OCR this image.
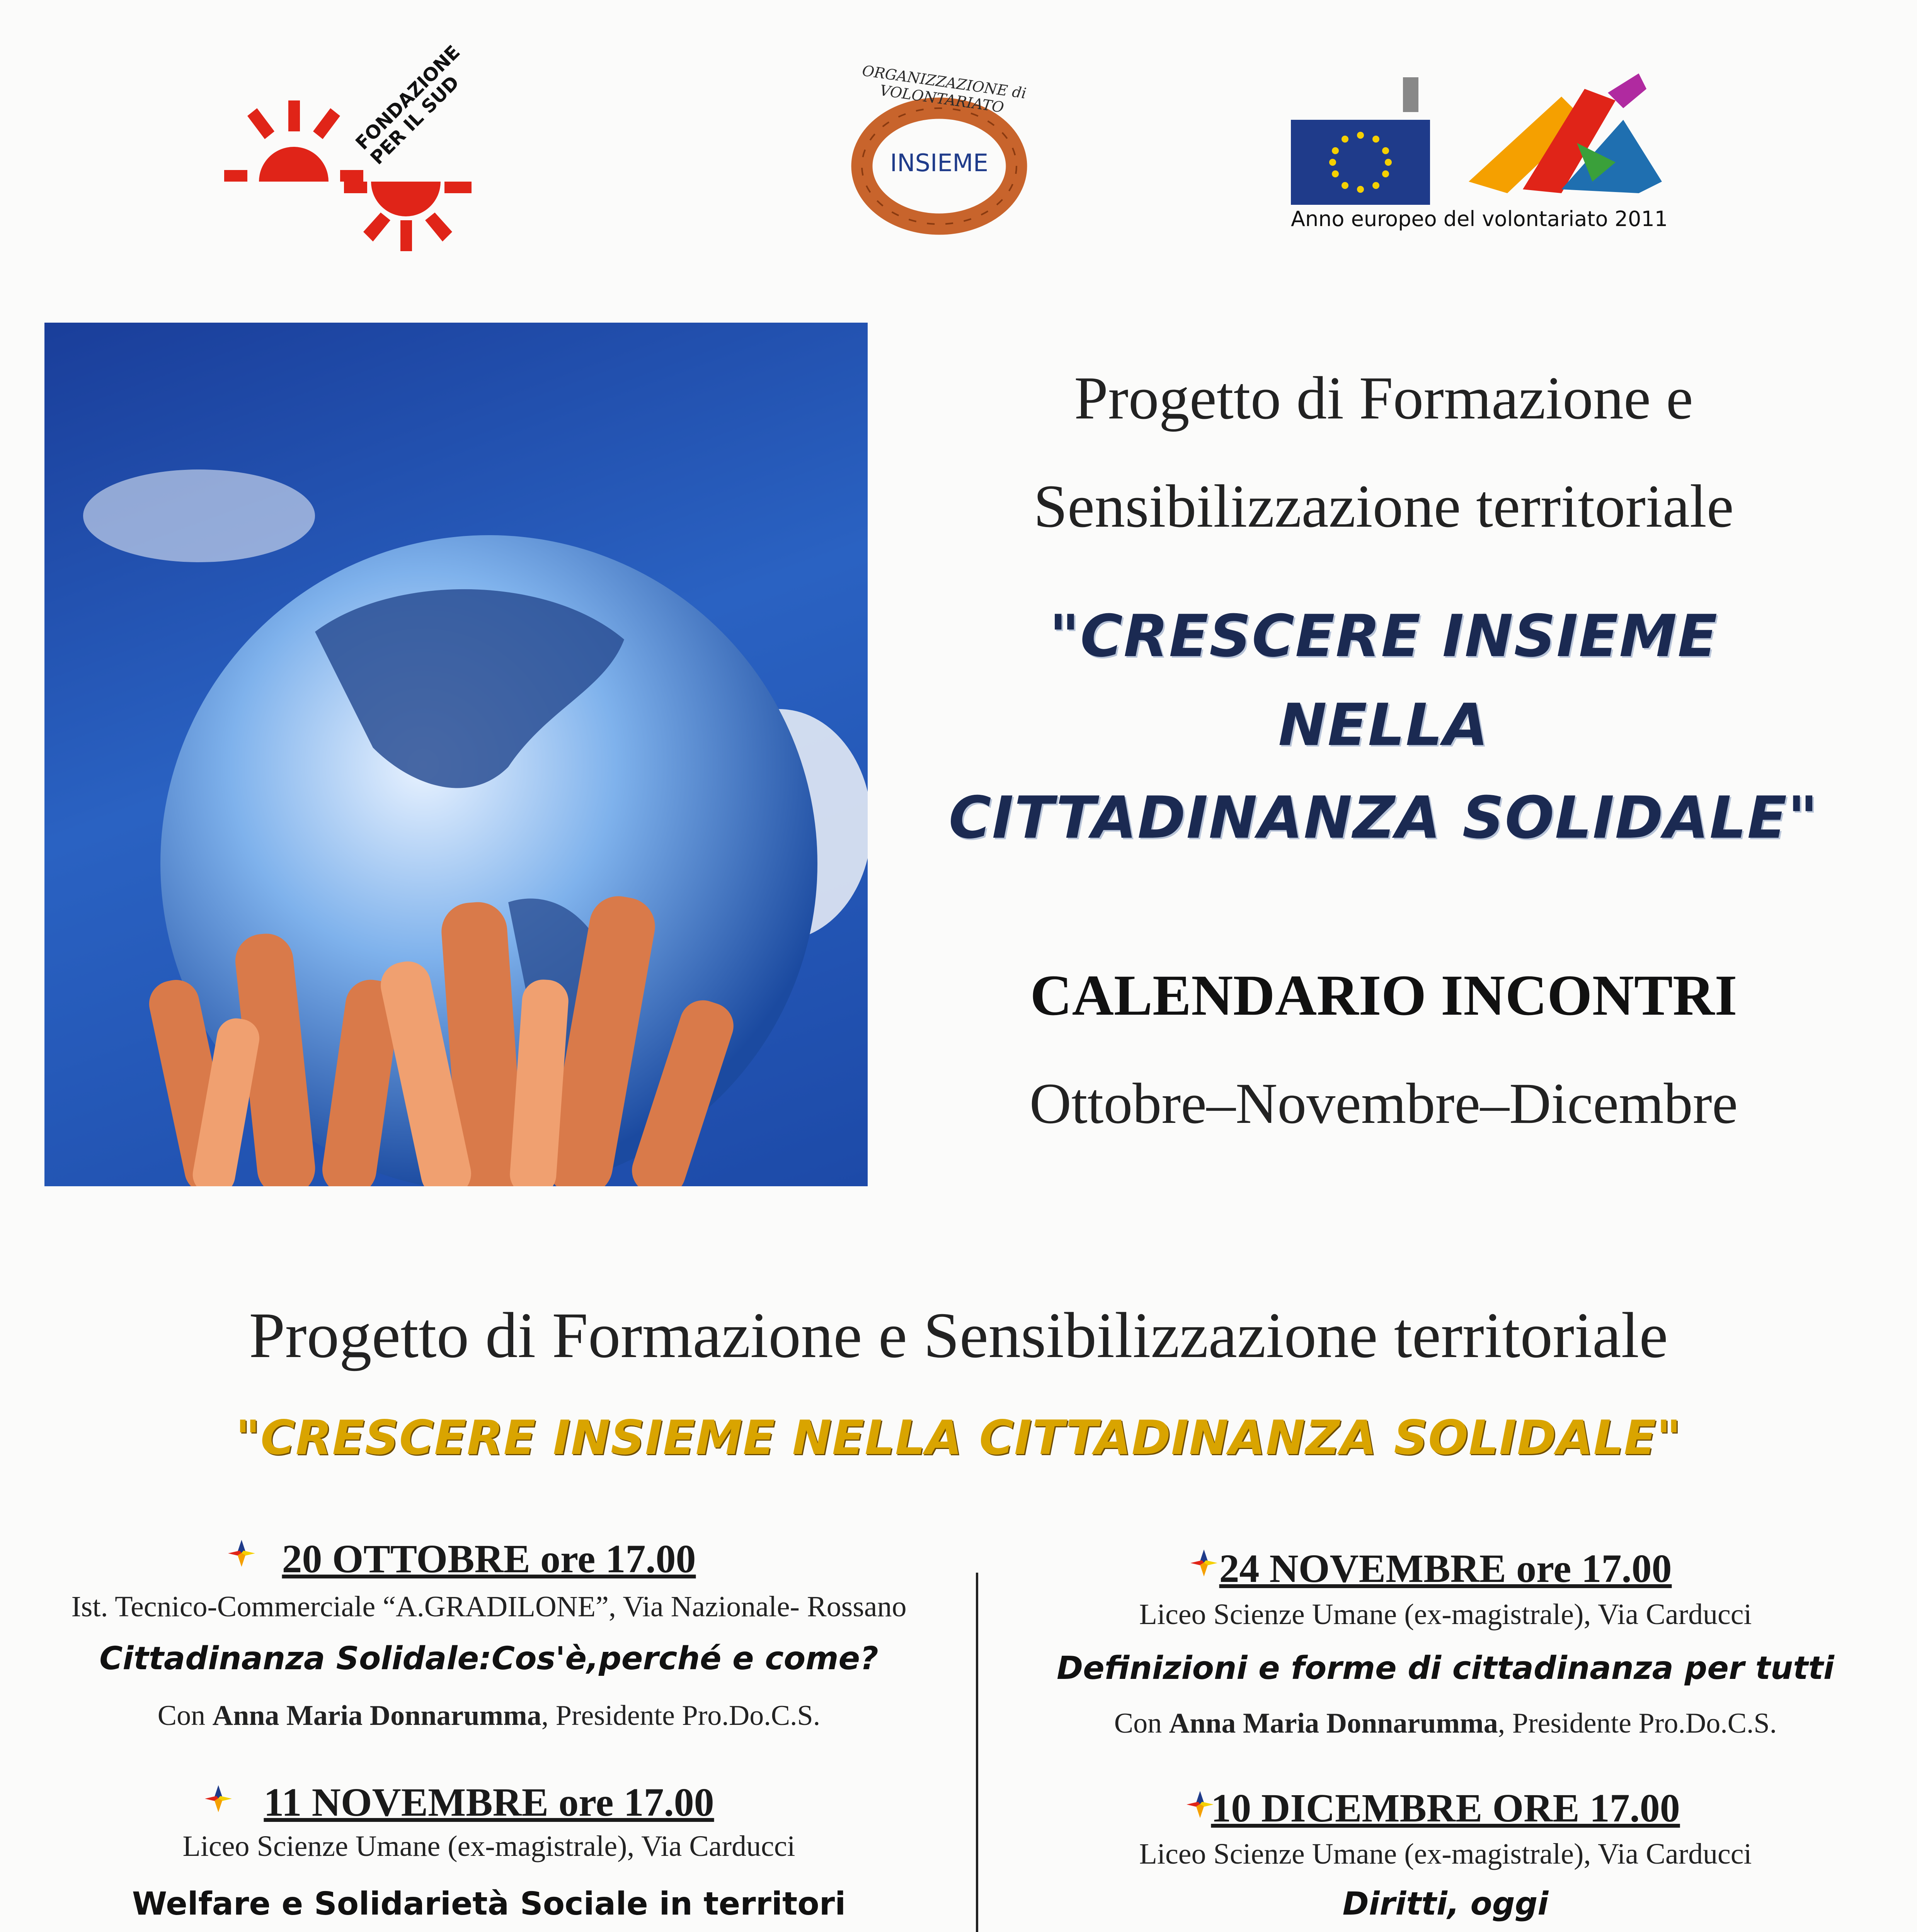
FONDAZIONE PER IL SUD	ORGANIZZAZIONE di VOLONTARIATO
INSIEME
Anno europeo del volontariato 2011
Progetto di Formazione e
Sensibilizzazione territoriale
"CRESCERE INSIEME
NELLA
CITTADINANZA SOLIDALE"
CALENDARIO INCONTRI
Ottobre–Novembre–Dicembre
Progetto di Formazione e Sensibilizzazione territoriale
"CRESCERE INSIEME NELLA CITTADINANZA SOLIDALE"
20 OTTOBRE ore 17.00
Ist. Tecnico-Commerciale “A.GRADILONE”, Via Nazionale- Rossano
Cittadinanza Solidale:Cos'è,perché e come?
Con Anna Maria Donnarumma, Presidente Pro.Do.C.S.
11 NOVEMBRE ore 17.00
Liceo Scienze Umane (ex-magistrale), Via Carducci
Welfare e Solidarietà Sociale in territori
24 NOVEMBRE ore 17.00
Liceo Scienze Umane (ex-magistrale), Via Carducci
Definizioni e forme di cittadinanza per tutti
Con Anna Maria Donnarumma, Presidente Pro.Do.C.S.
10 DICEMBRE ORE 17.00
Liceo Scienze Umane (ex-magistrale), Via Carducci
Diritti, oggi
